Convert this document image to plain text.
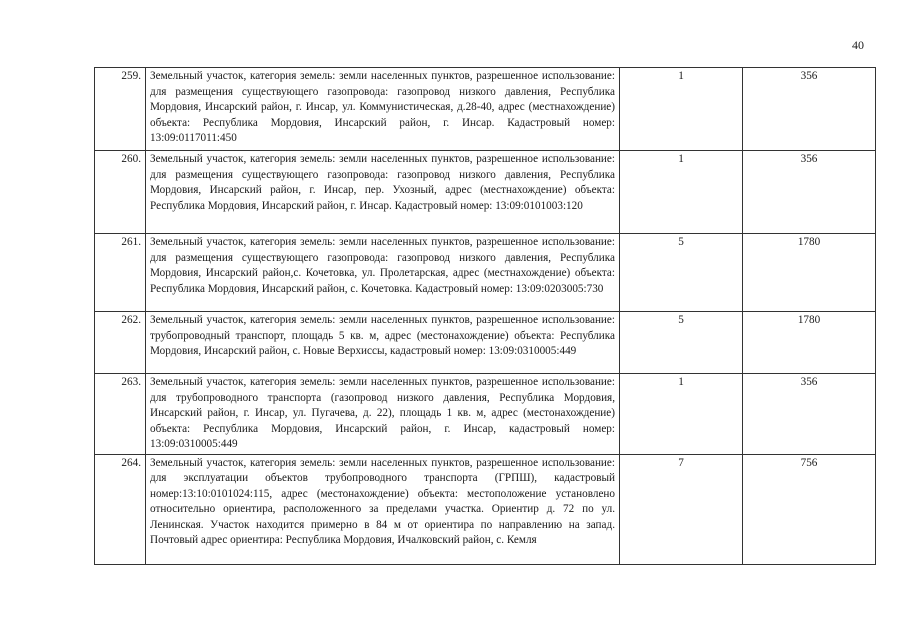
40
259.	Земельный участок, категория земель: земли населенных пунктов, разрешенное использование: для размещения существующего газопровода: газопровод низкого давления, Республика Мордовия, Инсарский район, г. Инсар, ул. Коммунистическая, д.28-40, адрес (местнахождение) объекта: Республика Мордовия, Инсарский район, г. Инсар. Кадастровый номер: 13:09:0117011:450	1	356
260.	Земельный участок, категория земель: земли населенных пунктов, разрешенное использование: для размещения существующего газопровода: газопровод низкого давления, Республика Мордовия, Инсарский район, г. Инсар, пер. Ухозный, адрес (местнахождение) объекта: Республика Мордовия, Инсарский район, г. Инсар. Кадастровый номер: 13:09:0101003:120	1	356
261.	Земельный участок, категория земель: земли населенных пунктов, разрешенное использование: для размещения существующего газопровода: газопровод низкого давления, Республика Мордовия, Инсарский район,с. Кочетовка, ул. Пролетарская, адрес (местнахождение) объекта: Республика Мордовия, Инсарский район, с. Кочетовка. Кадастровый номер: 13:09:0203005:730	5	1780
262.	Земельный участок, категория земель: земли населенных пунктов, разрешенное использование: трубопроводный транспорт, площадь 5 кв. м, адрес (местонахождение) объекта: Республика Мордовия, Инсарский район, с. Новые Верхиссы, кадастровый номер: 13:09:0310005:449	5	1780
263.	Земельный участок, категория земель: земли населенных пунктов, разрешенное использование: для трубопроводного транспорта (газопровод низкого давления, Республика Мордовия, Инсарский район, г. Инсар, ул. Пугачева, д. 22), площадь 1 кв. м, адрес (местонахождение) объекта: Республика Мордовия, Инсарский район, г. Инсар, кадастровый номер: 13:09:0310005:449	1	356
264.	Земельный участок, категория земель: земли населенных пунктов, разрешенное использование: для эксплуатации объектов трубопроводного транспорта (ГРПШ), кадастровый номер:13:10:0101024:115, адрес (местонахождение) объекта: местоположение установлено относительно ориентира, расположенного за пределами участка. Ориентир д. 72 по ул. Ленинская. Участок находится примерно в 84 м от ориентира по направлению на запад. Почтовый адрес ориентира: Республика Мордовия, Ичалковский район, с. Кемля	7	756
